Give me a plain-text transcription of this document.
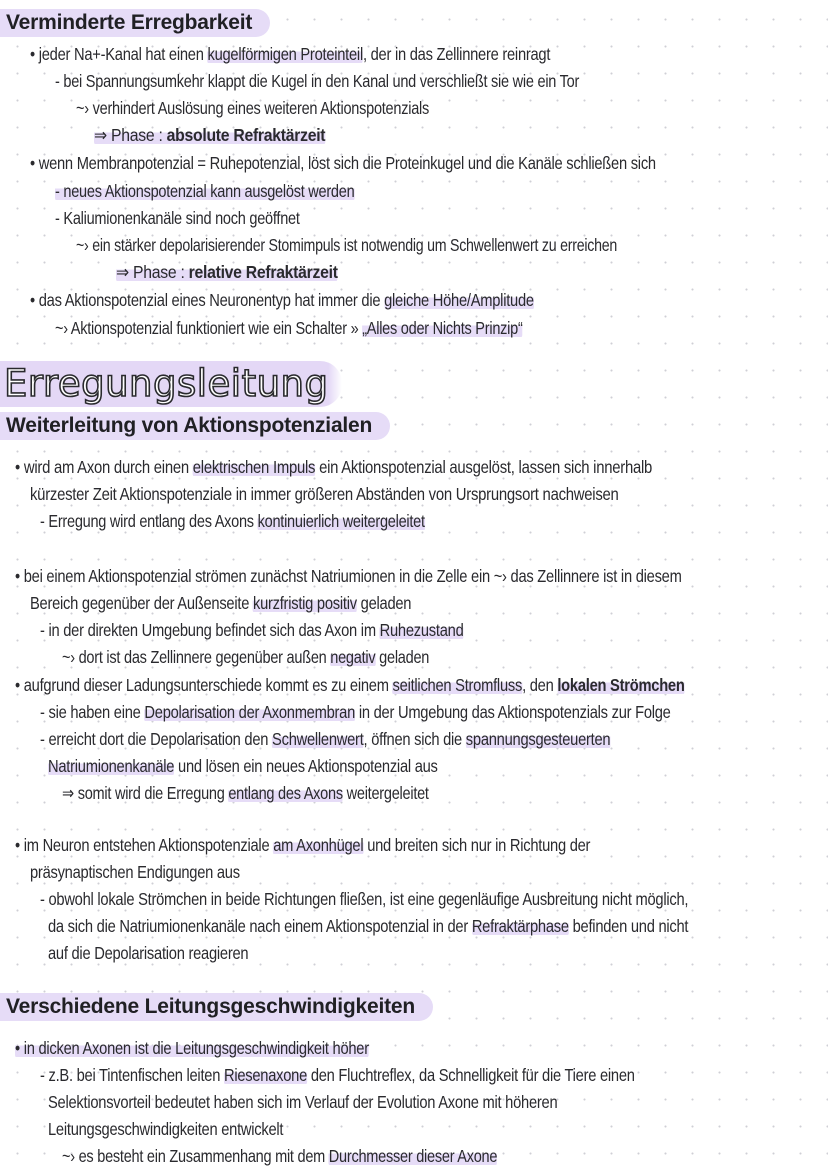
Verminderte Erregbarkeit
• jeder Na+-Kanal hat einen kugelförmigen Proteinteil, der in das Zellinnere reinragt
- bei Spannungsumkehr klappt die Kugel in den Kanal und verschließt sie wie ein Tor
~› verhindert Auslösung eines weiteren Aktionspotenzials
⇒ Phase : absolute Refraktärzeit
• wenn Membranpotenzial = Ruhepotenzial, löst sich die Proteinkugel und die Kanäle schließen sich
- neues Aktionspotenzial kann ausgelöst werden
- Kaliumionenkanäle sind noch geöffnet
~› ein stärker depolarisierender Stomimpuls ist notwendig um Schwellenwert zu erreichen
⇒ Phase : relative Refraktärzeit
• das Aktionspotenzial eines Neuronentyp hat immer die gleiche Höhe/Amplitude
~› Aktionspotenzial funktioniert wie ein Schalter » „Alles oder Nichts Prinzip“
Erregungsleitung
Weiterleitung von Aktionspotenzialen
• wird am Axon durch einen elektrischen Impuls ein Aktionspotenzial ausgelöst, lassen sich innerhalb
kürzester Zeit Aktionspotenziale in immer größeren Abständen von Ursprungsort nachweisen
- Erregung wird entlang des Axons kontinuierlich weitergeleitet
• bei einem Aktionspotenzial strömen zunächst Natriumionen in die Zelle ein ~› das Zellinnere ist in diesem
Bereich gegenüber der Außenseite kurzfristig positiv geladen
- in der direkten Umgebung befindet sich das Axon im Ruhezustand
~› dort ist das Zellinnere gegenüber außen negativ geladen
• aufgrund dieser Ladungsunterschiede kommt es zu einem seitlichen Stromfluss, den lokalen Strömchen
- sie haben eine Depolarisation der Axonmembran in der Umgebung das Aktionspotenzials zur Folge
- erreicht dort die Depolarisation den Schwellenwert, öffnen sich die spannungsgesteuerten
Natriumionenkanäle und lösen ein neues Aktionspotenzial aus
⇒ somit wird die Erregung entlang des Axons weitergeleitet
• im Neuron entstehen Aktionspotenziale am Axonhügel und breiten sich nur in Richtung der
präsynaptischen Endigungen aus
- obwohl lokale Strömchen in beide Richtungen fließen, ist eine gegenläufige Ausbreitung nicht möglich,
da sich die Natriumionenkanäle nach einem Aktionspotenzial in der Refraktärphase befinden und nicht
auf die Depolarisation reagieren
Verschiedene Leitungsgeschwindigkeiten
• in dicken Axonen ist die Leitungsgeschwindigkeit höher
- z.B. bei Tintenfischen leiten Riesenaxone den Fluchtreflex, da Schnelligkeit für die Tiere einen
Selektionsvorteil bedeutet haben sich im Verlauf der Evolution Axone mit höheren
Leitungsgeschwindigkeiten entwickelt
~› es besteht ein Zusammenhang mit dem Durchmesser dieser Axone
